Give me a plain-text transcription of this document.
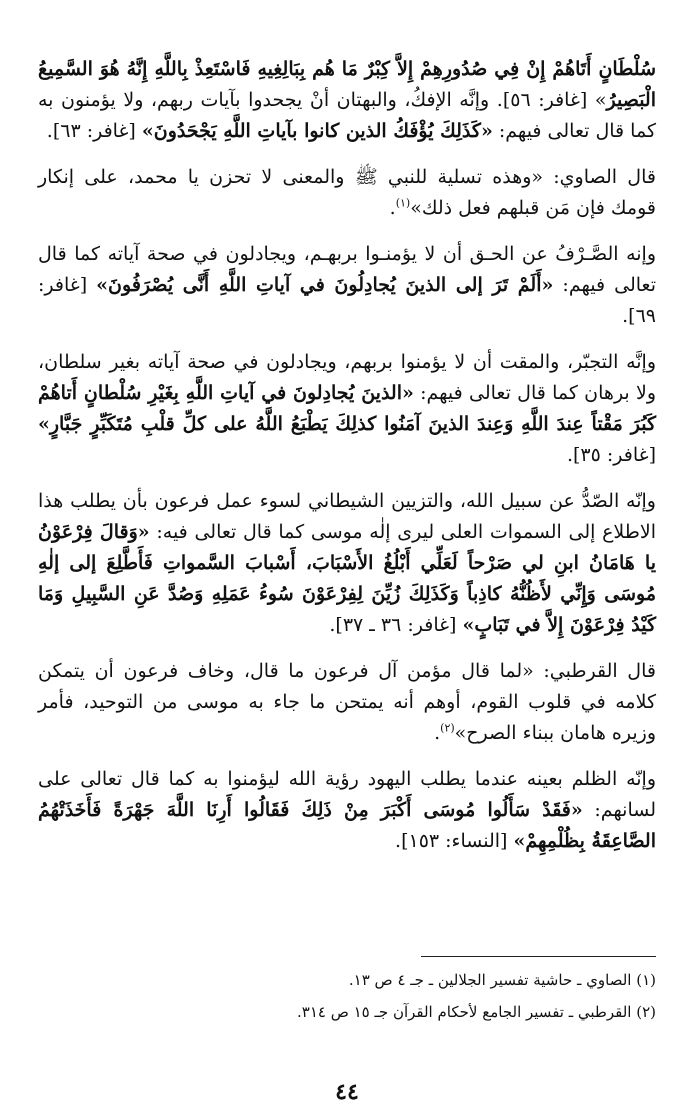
سُلْطَانٍ أَتَاهُمْ إِنْ فِي صُدُورِهِمْ إِلاَّ كِبْرٌ مَا هُم بِبَالِغِيهِ فَاسْتَعِذْ بِاللَّهِ إِنَّهُ هُوَ السَّمِيعُ الْبَصِيرُ» [غافر: ٥٦]. وإنَّه الإفكُ، والبهتان أنْ يجحدوا بآيات ربهم، ولا يؤمنون به كما قال تعالى فيهم: «كَذَلِكَ يُؤْفَكُ الذين كانوا بآياتِ اللَّهِ يَجْحَدُونَ» [غافر: ٦٣].

قال الصاوي: «وهذه تسلية للنبي ﷺ والمعنى لا تحزن يا محمد، على إنكار قومك فإن مَن قبلهم فعل ذلك»$^{(١)}$.

وإنه الصَّـرْفُ عن الحـق أن لا يؤمنـوا بربهـم، ويجادلون في صحة آياته كما قال تعالى فيهم: «أَلَمْ تَرَ إلى الذينَ يُجادِلُونَ في آياتِ اللَّهِ أَنَّى يُصْرَفُونَ» [غافر: ٦٩].

وإنَّه التجبّر، والمقت أن لا يؤمنوا بربهم، ويجادلون في صحة آياته بغير سلطان، ولا برهان كما قال تعالى فيهم: «الذينَ يُجادِلونَ في آياتِ اللَّهِ بِغَيْرِ سُلْطانٍ أَتاهُمْ كَبُرَ مَقْتاً عِندَ اللَّهِ وَعِندَ الذينَ آمَنُوا كذلِكَ يَطْبَعُ اللَّهُ على كلِّ قلْبِ مُتَكَبِّرٍ جَبَّارٍ» [غافر: ٣٥].

وإنّه الصّدُّ عن سبيل الله، والتزيين الشيطاني لسوء عمل فرعون بأن يطلب هذا الاطلاع إلى السموات العلى ليرى إلٰه موسى كما قال تعالى فيه: «وَقالَ فِرْعَوْنُ يا هَامَانُ ابنِ لي صَرْحاً لَعَلِّي أَبْلُغُ الأَسْبَابَ، أَسْبابَ السَّمواتِ فَأَطَّلِعَ إلى إلٰهِ مُوسَى وَإِنِّي لأَظُنُّهُ كاذِباً وَكَذَلِكَ زُيِّنَ لِفِرْعَوْنَ سُوءُ عَمَلِهِ وَصُدَّ عَنِ السَّبِيلِ وَمَا كَيْدُ فِرْعَوْنَ إِلاَّ في تَبَابٍ» [غافر: ٣٦ ـ ٣٧].

قال القرطبي: «لما قال مؤمن آل فرعون ما قال، وخاف فرعون أن يتمكن كلامه في قلوب القوم، أوهم أنه يمتحن ما جاء به موسى من التوحيد، فأمر وزيره هامان ببناء الصرح»$^{(٢)}$.

وإنّه الظلم بعينه عندما يطلب اليهود رؤية الله ليؤمنوا به كما قال تعالى على لسانهم: «فَقَدْ سَأَلُوا مُوسَى أَكْبَرَ مِنْ ذَلِكَ فَقَالُوا أَرِنَا اللَّهَ جَهْرَةً فَأَخَذَتْهُمُ الصَّاعِقَةُ بِظُلْمِهِمْ» [النساء: ١٥٣].

(١) الصاوي ـ حاشية تفسير الجلالين ـ جـ ٤ ص ١٣.
(٢) القرطبي ـ تفسير الجامع لأحكام القرآن جـ ١٥ ص ٣١٤.
٤٤
